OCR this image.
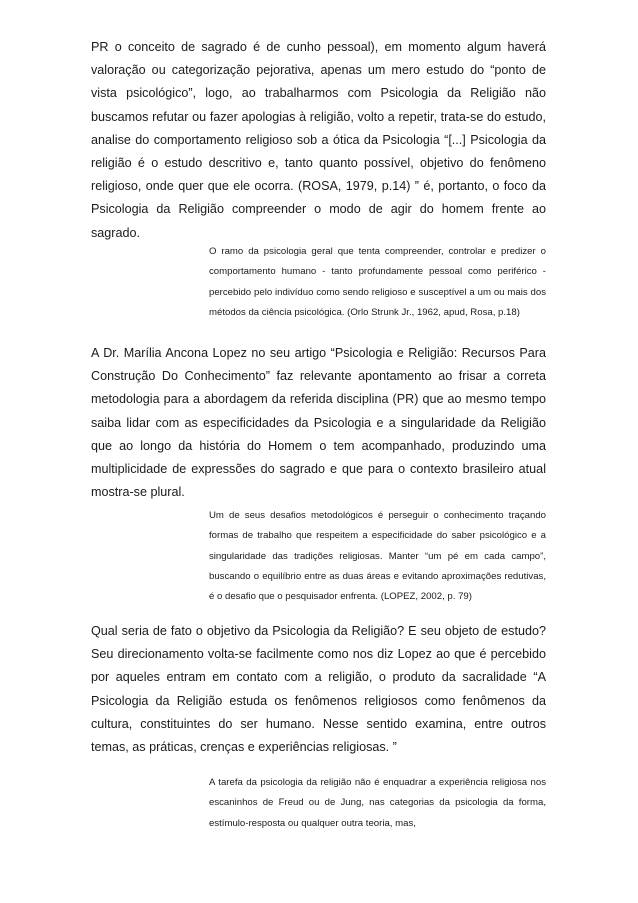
PR o conceito de sagrado é de cunho pessoal), em momento algum haverá valoração ou categorização pejorativa, apenas um mero estudo do “ponto de vista psicológico”, logo, ao trabalharmos com Psicologia da Religião não buscamos refutar ou fazer apologias à religião, volto a repetir, trata-se do estudo, analise do comportamento religioso sob a ótica da Psicologia “[...] Psicologia da religião é o estudo descritivo e, tanto quanto possível, objetivo do fenômeno religioso, onde quer que ele ocorra. (ROSA, 1979, p.14) ” é, portanto, o foco da Psicologia da Religião compreender o modo de agir do homem frente ao sagrado.

O ramo da psicologia geral que tenta compreender, controlar e predizer o comportamento humano - tanto profundamente pessoal como periférico - percebido pelo indivíduo como sendo religioso e susceptível a um ou mais dos métodos da ciência psicológica. (Orlo Strunk Jr., 1962, apud, Rosa, p.18)

A Dr. Marília Ancona Lopez no seu artigo “Psicologia e Religião: Recursos Para Construção Do Conhecimento” faz relevante apontamento ao frisar a correta metodologia para a abordagem da referida disciplina (PR) que ao mesmo tempo saiba lidar com as especificidades da Psicologia e a singularidade da Religião que ao longo da história do Homem o tem acompanhado, produzindo uma multiplicidade de expressões do sagrado e que para o contexto brasileiro atual mostra-se plural.

Um de seus desafios metodológicos é perseguir o conhecimento traçando formas de trabalho que respeitem a especificidade do saber psicológico e a singularidade das tradições religiosas. Manter “um pé em cada campo”, buscando o equilíbrio entre as duas áreas e evitando aproximações redutivas, é o desafio que o pesquisador enfrenta. (LOPEZ, 2002, p. 79)

Qual seria de fato o objetivo da Psicologia da Religião? E seu objeto de estudo? Seu direcionamento volta-se facilmente como nos diz Lopez ao que é percebido por aqueles entram em contato com a religião, o produto da sacralidade “A Psicologia da Religião estuda os fenômenos religiosos como fenômenos da cultura, constituintes do ser humano. Nesse sentido examina, entre outros temas, as práticas, crenças e experiências religiosas. ”

A tarefa da psicologia da religião não é enquadrar a experiência religiosa nos escaninhos de Freud ou de Jung, nas categorias da psicologia da forma, estímulo-resposta ou qualquer outra teoria, mas,
